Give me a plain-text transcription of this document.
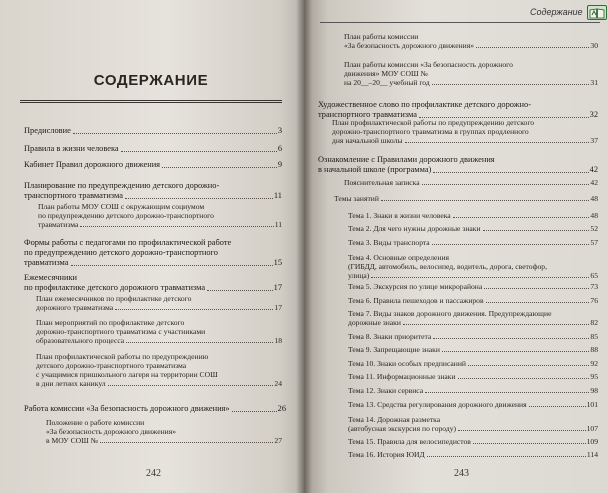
СОДЕРЖАНИЕ
Предисловие	3
Правила в жизни человека	6
Кабинет Правил дорожного движения	9
Планирование по предупреждению детского дорожно-
транспортного травматизма	11
План работы МОУ СОШ с окружающим социумом
по предупреждению детского дорожно-транспортного
травматизма	11
Формы работы с педагогами по профилактической работе
по предупреждению детского дорожно-транспортного
травматизма	15
Ежемесячники
по профилактике детского дорожного травматизма	17
План ежемесячников по профилактике детского
дорожного травматизма	17
План мероприятий по профилактике детского
дорожно-транспортного травматизма с участниками
образовательного процесса	18
План профилактической работы по предупреждению
детского дорожно-транспортного травматизма
с учащимися пришкольного лагеря на территории СОШ
в дни летних каникул	24
Работа комиссии «За безопасность дорожного движения»	26
Положение о работе комиссии
«За безопасность дорожного движения»
в МОУ СОШ №	27
242
План работы комиссии
«За безопасность дорожного движения»	30
План работы комиссии «За безопасность дорожного
движения» МОУ СОШ №
на 20__–20__ учебный год	31
Художественное слово по профилактике детского дорожно-
транспортного травматизма	32
План профилактической работы по предупреждению детского
дорожно-транспортного травматизма в группах продленного
дня начальной школы	37
Ознакомление с Правилами дорожного движения
в начальной школе (программа)	42
Пояснительная записка	42
Темы занятий	48
Тема 1. Знаки в жизни человека	48
Тема 2. Для чего нужны дорожные знаки	52
Тема 3. Виды транспорта	57
Тема 4. Основные определения
(ГИБДД, автомобиль, велосипед, водитель, дорога, светофор,
улица)	65
Тема 5. Экскурсия по улице микрорайона	73
Тема 6. Правила пешеходов и пассажиров	76
Тема 7. Виды знаков дорожного движения. Предупреждающие
дорожные знаки	82
Тема 8. Знаки приоритета	85
Тема 9. Запрещающие знаки	88
Тема 10. Знаки особых предписаний	92
Тема 11. Информационные знаки	95
Тема 12. Знаки сервиса	98
Тема 13. Средства регулирования дорожного движения	101
Тема 14. Дорожная разметка
(автобусная экскурсия по городу)	107
Тема 15. Правила для велосипедистов	109
Тема 16. История ЮИД	114
243
Содержание
